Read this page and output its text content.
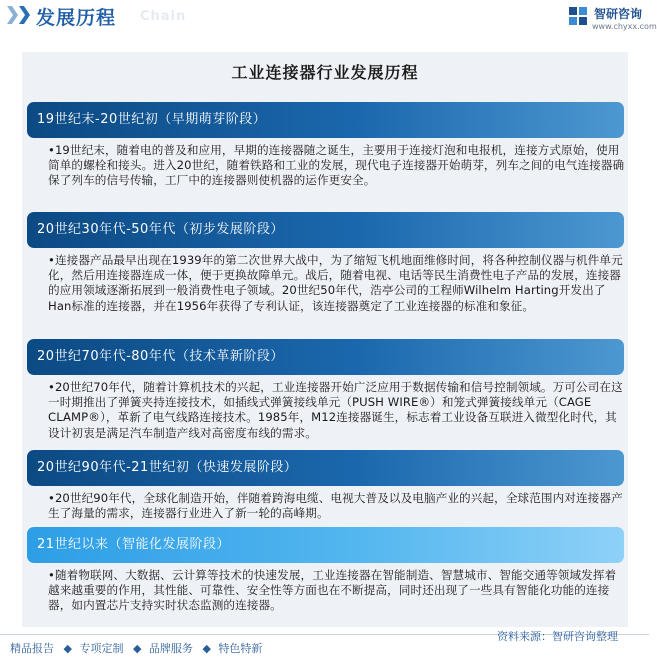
发展历程 Chain	智研咨询
www.chyxx.com
工业连接器行业发展历程
19世纪末-20世纪初（早期萌芽阶段）
•19世纪末，随着电的普及和应用，早期的连接器随之诞生，主要用于连接灯泡和电报机，连接方式原始，使用简单的螺栓和接头。进入20世纪，随着铁路和工业的发展，现代电子连接器开始萌芽，列车之间的电气连接器确保了列车的信号传输，工厂中的连接器则使机器的运作更安全。
20世纪30年代-50年代（初步发展阶段）
•连接器产品最早出现在1939年的第二次世界大战中，为了缩短飞机地面维修时间，将各种控制仪器与机件单元化，然后用连接器连成一体，便于更换故障单元。战后，随着电视、电话等民生消费性电子产品的发展，连接器的应用领域逐渐拓展到一般消费性电子领域。20世纪50年代，浩亭公司的工程师Wilhelm Harting开发出了Han标准的连接器，并在1956年获得了专利认证，该连接器奠定了工业连接器的标准和象征。
20世纪70年代-80年代（技术革新阶段）
•20世纪70年代，随着计算机技术的兴起，工业连接器开始广泛应用于数据传输和信号控制领域。万可公司在这一时期推出了弹簧夹持连接技术，如插线式弹簧接线单元（PUSH WIRE®）和笼式弹簧接线单元（CAGE CLAMP®），革新了电气线路连接技术。1985年，M12连接器诞生，标志着工业设备互联进入微型化时代，其设计初衷是满足汽车制造产线对高密度布线的需求。
20世纪90年代-21世纪初（快速发展阶段）
•20世纪90年代，全球化制造开始，伴随着跨海电缆、电视大普及以及电脑产业的兴起，全球范围内对连接器产生了海量的需求，连接器行业进入了新一轮的高峰期。
21世纪以来（智能化发展阶段）
•随着物联网、大数据、云计算等技术的快速发展，工业连接器在智能制造、智慧城市、智能交通等领域发挥着越来越重要的作用，其性能、可靠性、安全性等方面也在不断提高，同时还出现了一些具有智能化功能的连接器，如内置芯片支持实时状态监测的连接器。
资料来源：智研咨询整理
精品报告 ◆ 专项定制 ◆ 品牌服务 ◆ 特色特新
